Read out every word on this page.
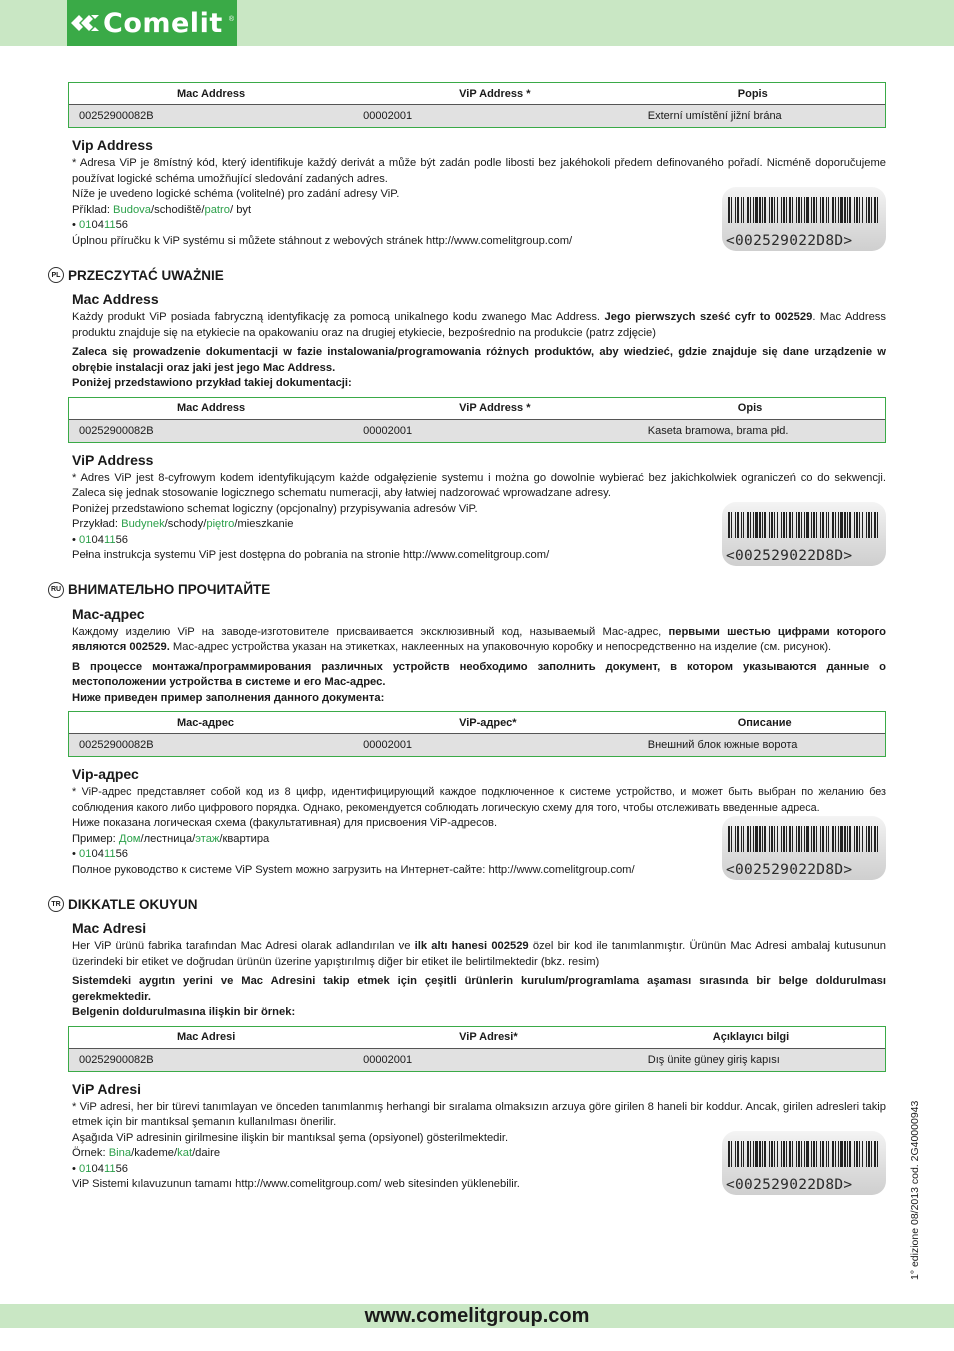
Comelit ®
Mac Address	ViP Address *	Popis
00252900082B	00002001	Externí umístění jižní brána
Vip Address

* Adresa ViP je 8místný kód, který identifikuje každý derivát a může být zadán podle libosti bez jakéhokoli předem definovaného pořadí. Nicméně doporučujeme používat logické schéma umožňující sledování zadaných adres.

Níže je uvedeno logické schéma (volitelné) pro zadání adresy ViP.

Příklad: Budova/schodiště/patro/ byt

• 01041156

Úplnou příručku k ViP systému si můžete stáhnout z webových stránek http://www.comelitgroup.com/	<002529022D8D>
PL PRZECZYTAĆ UWAŻNIE
Mac Address

Każdy produkt ViP posiada fabryczną identyfikację za pomocą unikalnego kodu zwanego Mac Address. Jego pierwszych sześć cyfr to 002529. Mac Address produktu znajduje się na etykiecie na opakowaniu oraz na drugiej etykiecie, bezpośrednio na produkcie (patrz zdjęcie)

Zaleca się prowadzenie dokumentacji w fazie instalowania/programowania różnych produktów, aby wiedzieć, gdzie znajduje się dane urządzenie w obrębie instalacji oraz jaki jest jego Mac Address.

Poniżej przedstawiono przykład takiej dokumentacji:

Mac Address	ViP Address *	Opis
00252900082B	00002001	Kaseta bramowa, brama płd.
ViP Address

* Adres ViP jest 8-cyfrowym kodem identyfikującym każde odgałęzienie systemu i można go dowolnie wybierać bez jakichkolwiek ograniczeń co do sekwencji. Zaleca się jednak stosowanie logicznego schematu numeracji, aby łatwiej nadzorować wprowadzane adresy.

Poniżej przedstawiono schemat logiczny (opcjonalny) przypisywania adresów ViP.

Przykład: Budynek/schody/piętro/mieszkanie

• 01041156

Pełna instrukcja systemu ViP jest dostępna do pobrania na stronie http://www.comelitgroup.com/	<002529022D8D>
RU ВНИМАТЕЛЬНО ПРОЧИТАЙТЕ
Mac-адрес

Каждому изделию ViP на заводе-изготовителе присваивается эксклюзивный код, называемый Mac-адрес, первыми шестью цифрами которого являются 002529. Mac-адрес устройства указан на этикетках, наклеенных на упаковочную коробку и непосредственно на изделие (см. рисунок).

В процессе монтажа/программирования различных устройств необходимо заполнить документ, в котором указываются данные о местоположении устройства в системе и его Mac-адрес.

Ниже приведен пример заполнения данного документа:

Mac-адрес	ViP-адрес*	Описание
00252900082B	00002001	Внешний блок южные ворота
Vip-адрес

* ViP-адрес представляет собой код из 8 цифр, идентифицирующий каждое подключенное к системе устройство, и может быть выбран по желанию без соблюдения какого либо цифрового порядка. Однако, рекомендуется соблюдать логическую схему для того, чтобы отслеживать введенные адреса.

Ниже показана логическая схема (факультативная) для присвоения ViP-адресов.

Пример: Дом/лестница/этаж/квартира

• 01041156

Полное руководство к системе ViP System можно загрузить на Интернет-сайте: http://www.comelitgroup.com/	<002529022D8D>
TR DIKKATLE OKUYUN
Mac Adresi

Her ViP ürünü fabrika tarafından Mac Adresi olarak adlandırılan ve ilk altı hanesi 002529 özel bir kod ile tanımlanmıştır. Ürünün Mac Adresi ambalaj kutusunun üzerindeki bir etiket ve doğrudan ürünün üzerine yapıştırılmış diğer bir etiket ile belirtilmektedir (bkz. resim)

Sistemdeki aygıtın yerini ve Mac Adresini takip etmek için çeşitli ürünlerin kurulum/programlama aşaması sırasında bir belge doldurulması gerekmektedir.

Belgenin doldurulmasına ilişkin bir örnek:

Mac Adresi	ViP Adresi*	Açıklayıcı bilgi
00252900082B	00002001	Dış ünite güney giriş kapısı
ViP Adresi

* ViP adresi, her bir türevi tanımlayan ve önceden tanımlanmış herhangi bir sıralama olmaksızın arzuya göre girilen 8 haneli bir koddur. Ancak, girilen adresleri takip etmek için bir mantıksal şemanın kullanılması önerilir.

Aşağıda ViP adresinin girilmesine ilişkin bir mantıksal şema (opsiyonel) gösterilmektedir.

Örnek: Bina/kademe/kat/daire

• 01041156

ViP Sistemi kılavuzunun tamamı http://www.comelitgroup.com/ web sitesinden yüklenebilir.	<002529022D8D>	1° edizione 08/2013 cod. 2G40000943
www.comelitgroup.com
